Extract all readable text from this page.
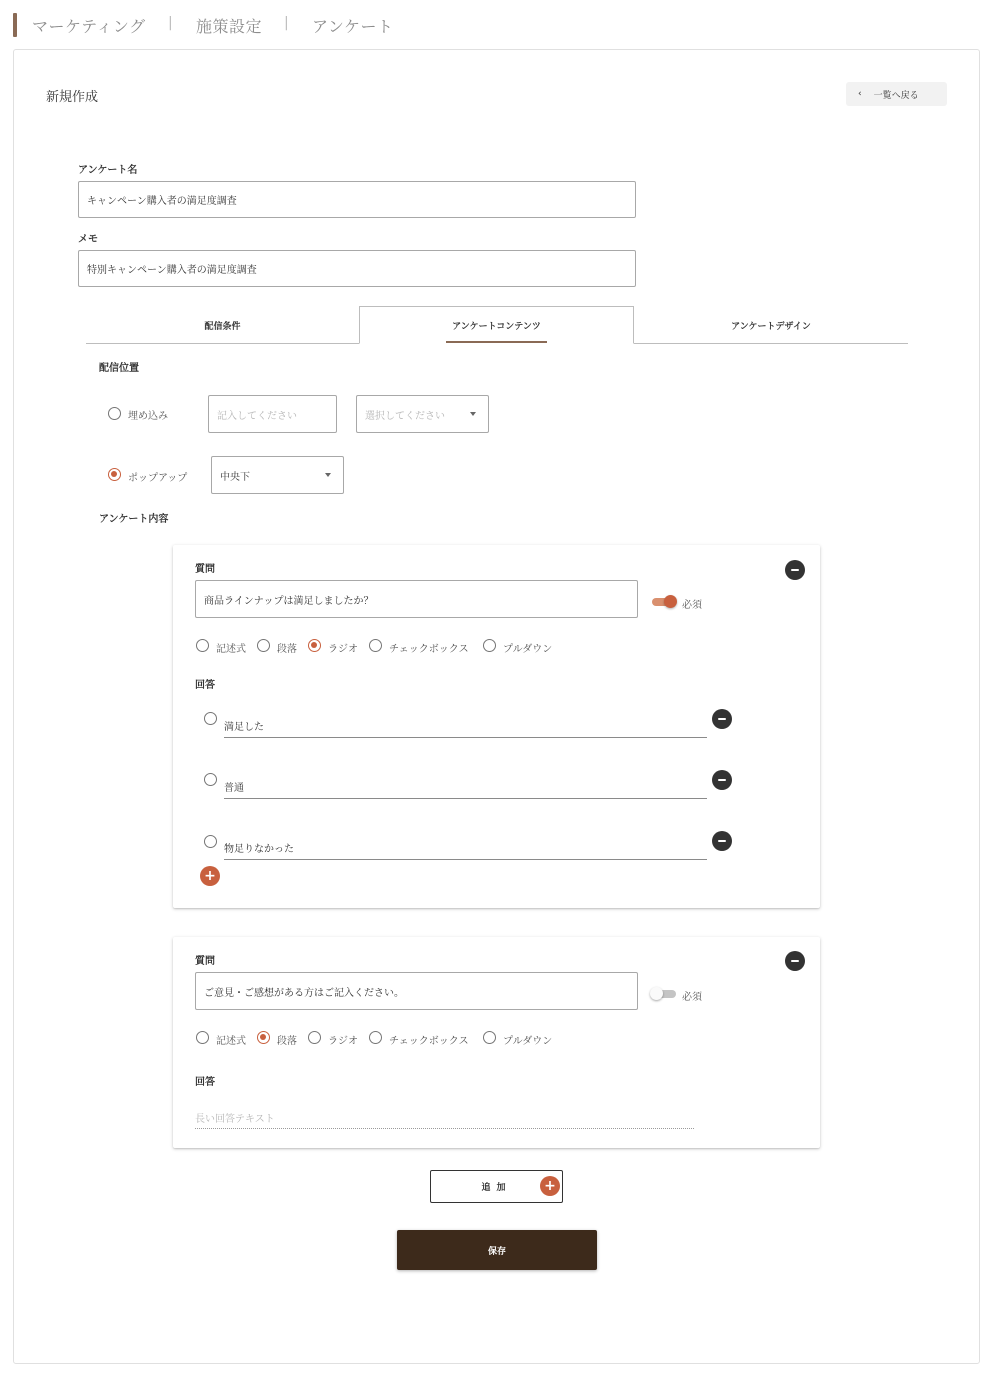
マーケティング | 施策設定 | アンケート
新規作成	‹ 一覧へ戻る
アンケート名
キャンペーン購入者の満足度調査
メモ
特別キャンペーン購入者の満足度調査
配信条件	アンケートコンテンツ	アンケートデザイン
配信位置
埋め込み	記入してください	選択してください
ポップアップ	中央下
アンケート内容
質問
商品ラインナップは満足しましたか？	必須
記述式	段落	ラジオ	チェックボックス	プルダウン
回答
満足した
普通
物足りなかった
+
質問
ご意見・ご感想がある方はご記入ください。	必須
記述式	段落	ラジオ	チェックボックス	プルダウン
回答
長い回答テキスト
追加 +
保存
